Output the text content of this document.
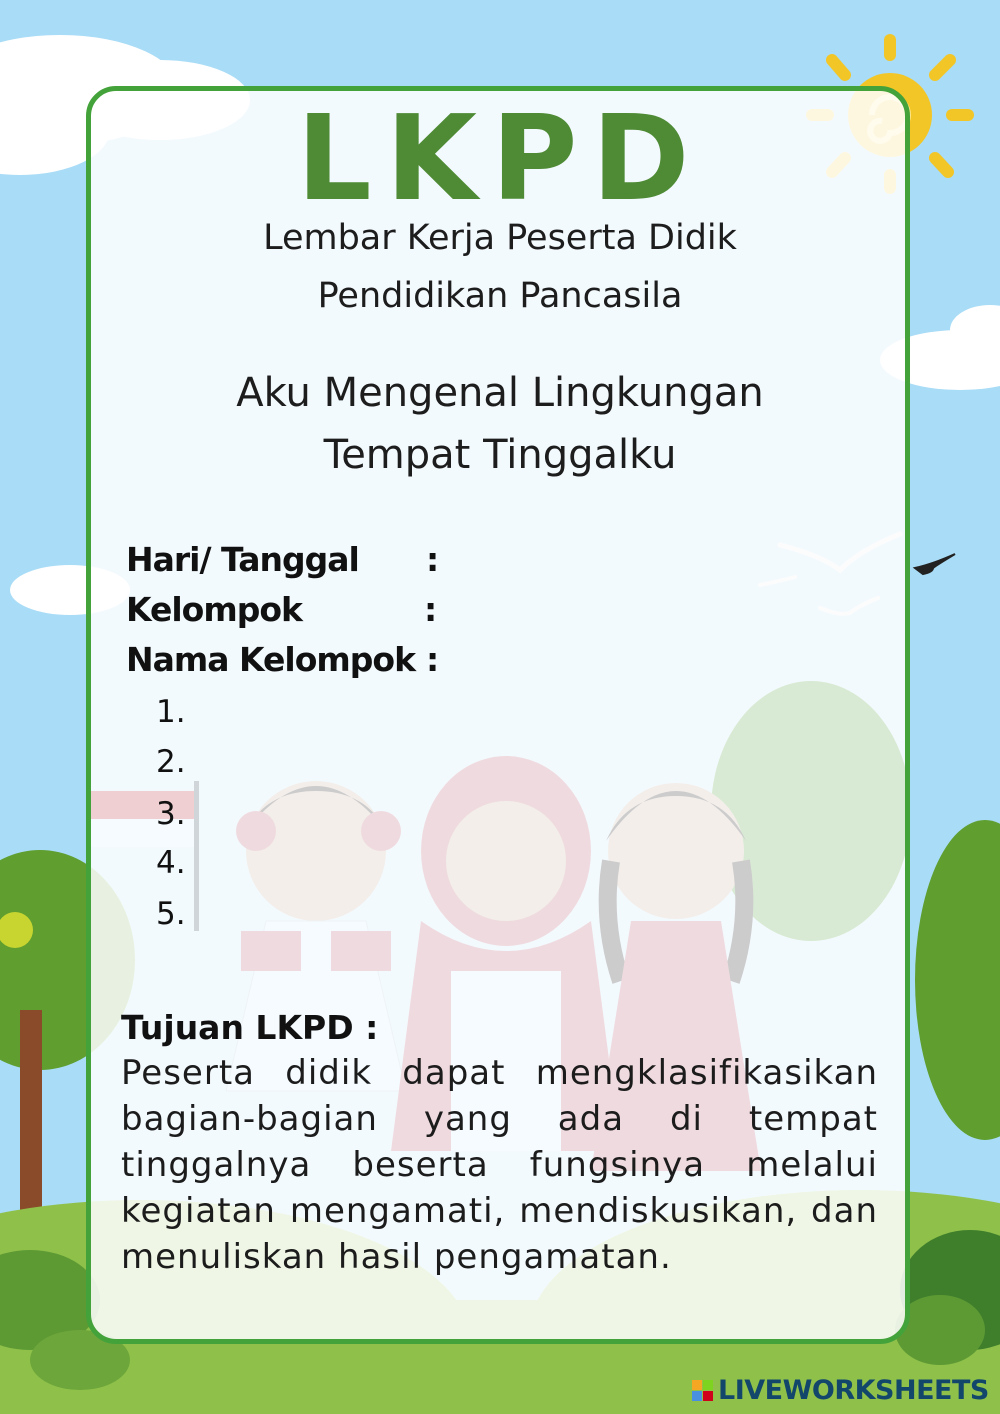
LKPD
Lembar Kerja Peserta Didik
Pendidikan Pancasila
Aku Mengenal Lingkungan
Tempat Tinggalku
Hari/ Tanggal :
Kelompok	:
Nama Kelompok :
1.
2.
3.
4.
5.
Tujuan LKPD :
Peserta didik dapat mengklasifikasikan bagian-bagian yang ada di tempat tinggalnya beserta fungsinya melalui kegiatan mengamati, mendiskusikan, dan menuliskan hasil pengamatan.
LIVEWORKSHEETS
